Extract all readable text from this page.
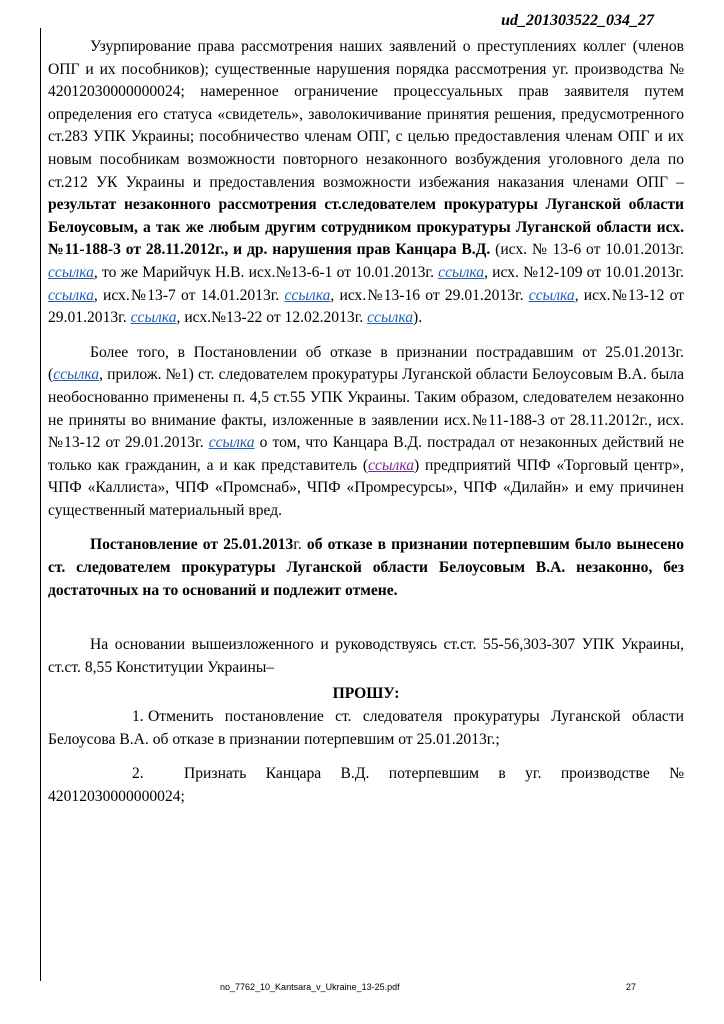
ud_201303522_034_27

Узурпирование права рассмотрения наших заявлений о преступлениях коллег (членов ОПГ и их пособников); существенные нарушения порядка рассмотрения уг. производства № 42012030000000024; намеренное ограничение процессуальных прав заявителя путем определения его статуса «свидетель», заволокичивание принятия решения, предусмотренного ст.283 УПК Украины; пособничество членам ОПГ, с целью предоставления членам ОПГ и их новым пособникам возможности повторного незаконного возбуждения уголовного дела по ст.212 УК Украины и предоставления возможности избежания наказания членами ОПГ – результат незаконного рассмотрения ст.следователем прокуратуры Луганской области Белоусовым, а так же любым другим сотрудником прокуратуры Луганской области исх.№11-188-3 от 28.11.2012г., и др. нарушения прав Канцара В.Д. (исх. № 13-6 от 10.01.2013г. ссылка, то же Марийчук Н.В. исх.№13-6-1 от 10.01.2013г. ссылка, исх. №12-109 от 10.01.2013г. ссылка, исх.№13-7 от 14.01.2013г. ссылка, исх.№13-16 от 29.01.2013г. ссылка, исх.№13-12 от 29.01.2013г. ссылка, исх.№13-22 от 12.02.2013г. ссылка).

Более того, в Постановлении об отказе в признании пострадавшим от 25.01.2013г. (ссылка, прилож. №1) ст. следователем прокуратуры Луганской области Белоусовым В.А. была необоснованно применены п. 4,5 ст.55 УПК Украины. Таким образом, следователем незаконно не приняты во внимание факты, изложенные в заявлении исх.№11-188-3 от 28.11.2012г., исх.№13-12 от 29.01.2013г. ссылка о том, что Канцара В.Д. пострадал от незаконных действий не только как гражданин, а и как представитель (ссылка) предприятий ЧПФ «Торговый центр», ЧПФ «Каллиста», ЧПФ «Промснаб», ЧПФ «Промресурсы», ЧПФ «Дилайн» и ему причинен существенный материальный вред.

Постановление от 25.01.2013г. об отказе в признании потерпевшим было вынесено ст. следователем прокуратуры Луганской области Белоусовым В.А. незаконно, без достаточных на то оснований и подлежит отмене.

На основании вышеизложенного и руководствуясь ст.ст. 55-56,303-307 УПК Украины, ст.ст. 8,55 Конституции Украины–

ПРОШУ:

1. Отменить постановление ст. следователя прокуратуры Луганской области Белоусова В.А. об отказе в признании потерпевшим от 25.01.2013г.;

2.	Признать Канцара В.Д. потерпевшим в уг. производстве № 42012030000000024;

no_7762_10_Kantsara_v_Ukraine_13-25.pdf	27
